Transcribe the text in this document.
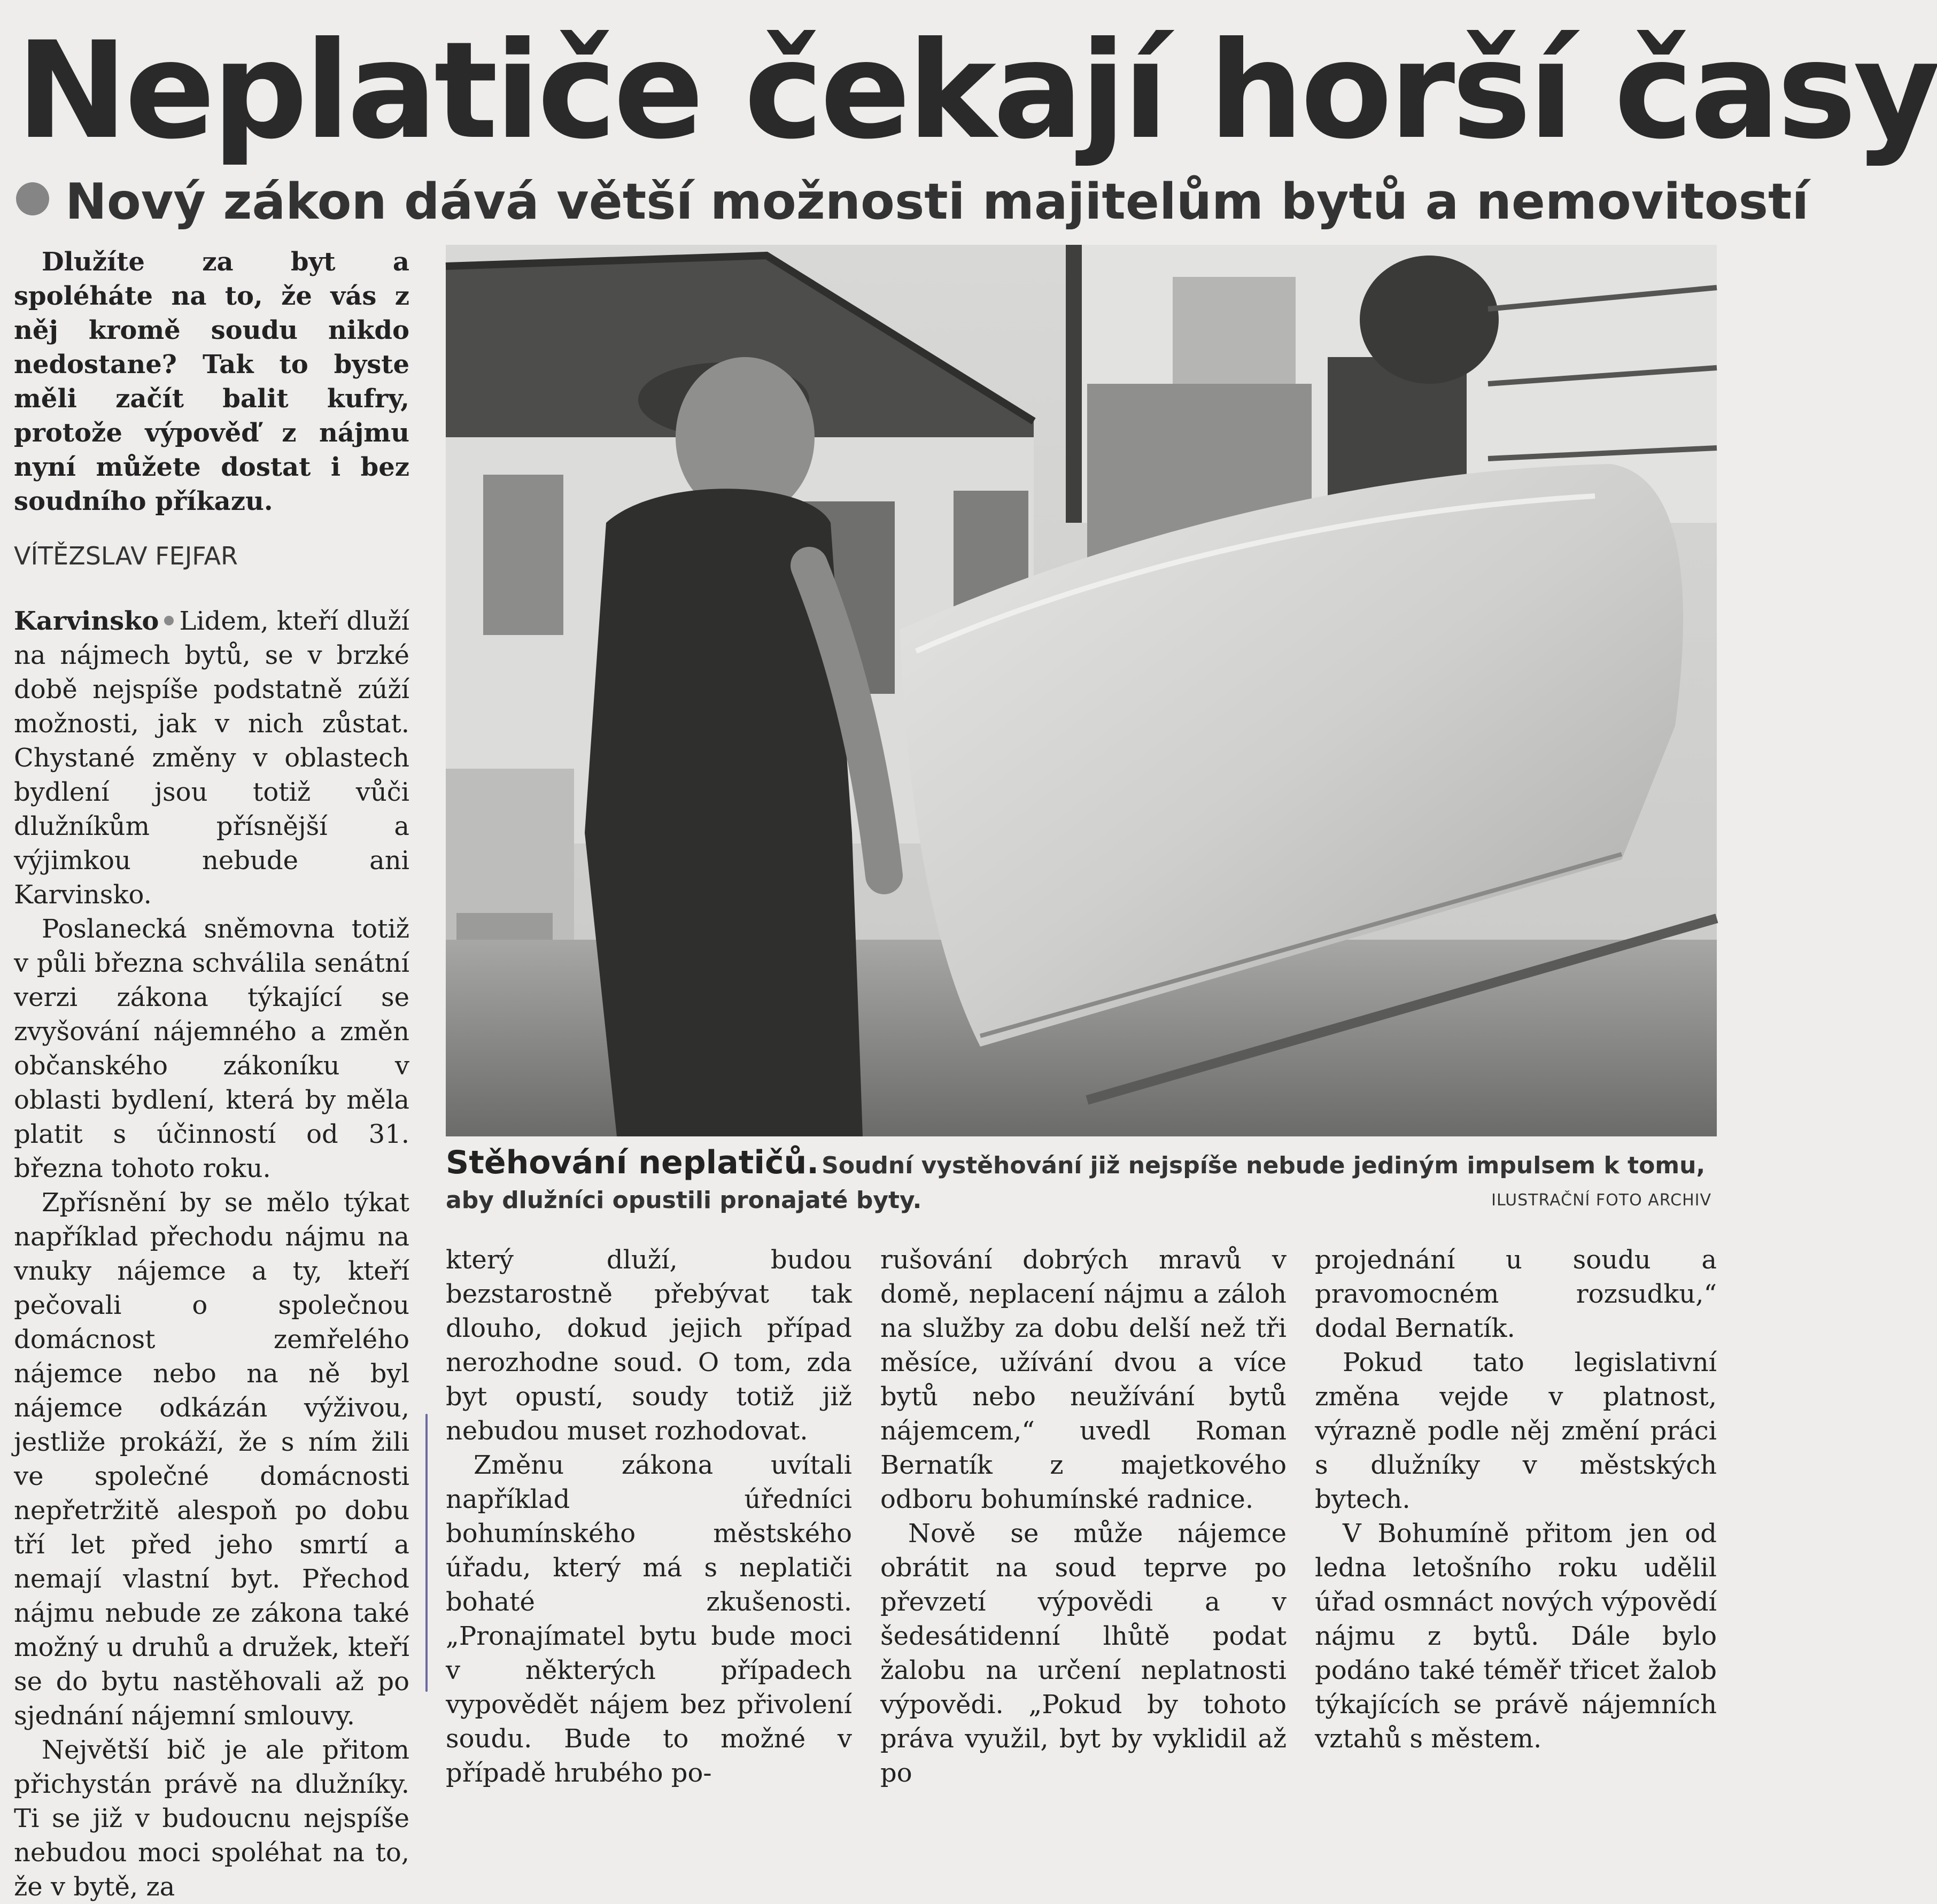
Neplatiče čekají horší časy
Nový zákon dává větší možnosti majitelům bytů a nemovitostí

Dlužíte za byt a spoléháte na to, že vás z něj kromě soudu nikdo nedostane? Tak to byste měli začít balit kufry, protože výpověď z nájmu nyní můžete dostat i bez soudního příkazu.

VÍTĚZSLAV FEJFAR

Karvinsko Lidem, kteří dluží na nájmech bytů, se v brzké době nejspíše podstatně zúží možnosti, jak v nich zůstat. Chystané změny v oblastech bydlení jsou totiž vůči dlužníkům přísnější a výjimkou nebude ani Karvinsko.

Poslanecká sněmovna totiž v půli března schválila senátní verzi zákona týkající se zvyšování nájemného a změn občanského zákoníku v oblasti bydlení, která by měla platit s účinností od 31. března tohoto roku.

Zpřísnění by se mělo týkat například přechodu nájmu na vnuky nájemce a ty, kteří pečovali o společnou domácnost zemřelého nájemce nebo na ně byl nájemce odkázán výživou, jestliže prokáží, že s ním žili ve společné domácnosti nepřetržitě alespoň po dobu tří let před jeho smrtí a nemají vlastní byt. Přechod nájmu nebude ze zákona také možný u druhů a družek, kteří se do bytu nastěhovali až po sjednání nájemní smlouvy.

Největší bič je ale přitom přichystán právě na dlužníky. Ti se již v budoucnu nejspíše nebudou moci spoléhat na to, že v bytě, za

Stěhování neplatičů. Soudní vystěhování již nejspíše nebude jediným impulsem k tomu,
aby dlužníci opustili pronajaté byty.	ILUSTRAČNÍ FOTO ARCHIV

který dluží, budou bezstarostně přebývat tak dlouho, dokud jejich případ nerozhodne soud. O tom, zda byt opustí, soudy totiž již nebudou muset rozhodovat.

Změnu zákona uvítali například úředníci bohumínského městského úřadu, který má s neplatiči bohaté zkušenosti. „Pronajímatel bytu bude moci v některých případech vypovědět nájem bez přivolení soudu. Bude to možné v případě hrubého po-

rušování dobrých mravů v domě, neplacení nájmu a záloh na služby za dobu delší než tři měsíce, užívání dvou a více bytů nebo neužívání bytů nájemcem,“ uvedl Roman Bernatík z majetkového odboru bohumínské radnice.

Nově se může nájemce obrátit na soud teprve po převzetí výpovědi a v šedesátidenní lhůtě podat žalobu na určení neplatnosti výpovědi. „Pokud by tohoto práva využil, byt by vyklidil až po

projednání u soudu a pravomocném rozsudku,“ dodal Bernatík.

Pokud tato legislativní změna vejde v platnost, výrazně podle něj změní práci s dlužníky v městských bytech.

V Bohumíně přitom jen od ledna letošního roku udělil úřad osmnáct nových výpovědí nájmu z bytů. Dále bylo podáno také téměř třicet žalob týkajících se právě nájemních vztahů s městem.
